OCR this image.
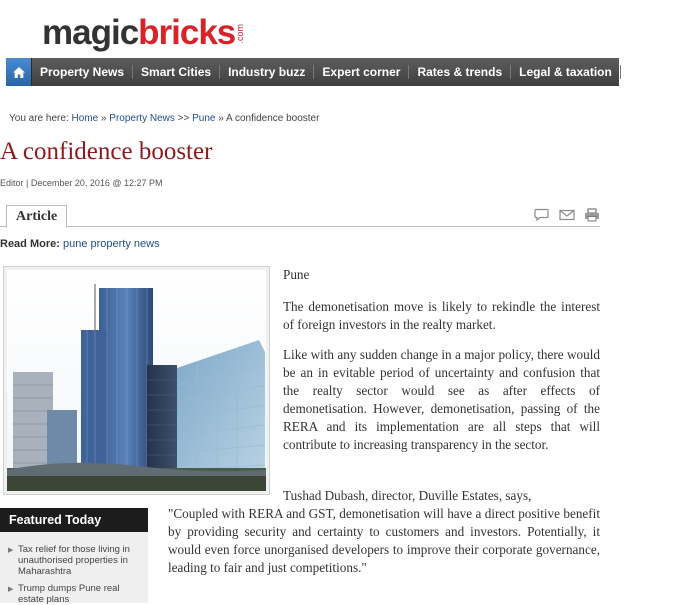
magic bricks .com
Property News	Smart Cities	Industry buzz	Expert corner	Rates & trends	Legal & taxation	Afford
You are here: Home » Property News >> Pune » A confidence booster
A confidence booster
Editor | December 20, 2016 @ 12:27 PM
Article
Read More: pune property news

Pune

The demonetisation move is likely to rekindle the interest of foreign investors in the realty market.

Like with any sudden change in a major policy, there would be an in evitable period of uncertainty and confusion that the realty sector would see as after effects of demonetisation. However, demonetisation, passing of the RERA and its implementation are all steps that will contribute to increasing transparency in the sector.

Tushad Dubash, director, Duville Estates, says,
"Coupled with RERA and GST, demonetisation will have a direct positive benefit by providing security and certainty to customers and investors. Potentially, it would even force unorganised developers to improve their corporate governance, leading to fair and just competitions."
Featured Today
▶ Tax relief for those living in unauthorised properties in Maharashtra
▶ Trump dumps Pune real estate plans
